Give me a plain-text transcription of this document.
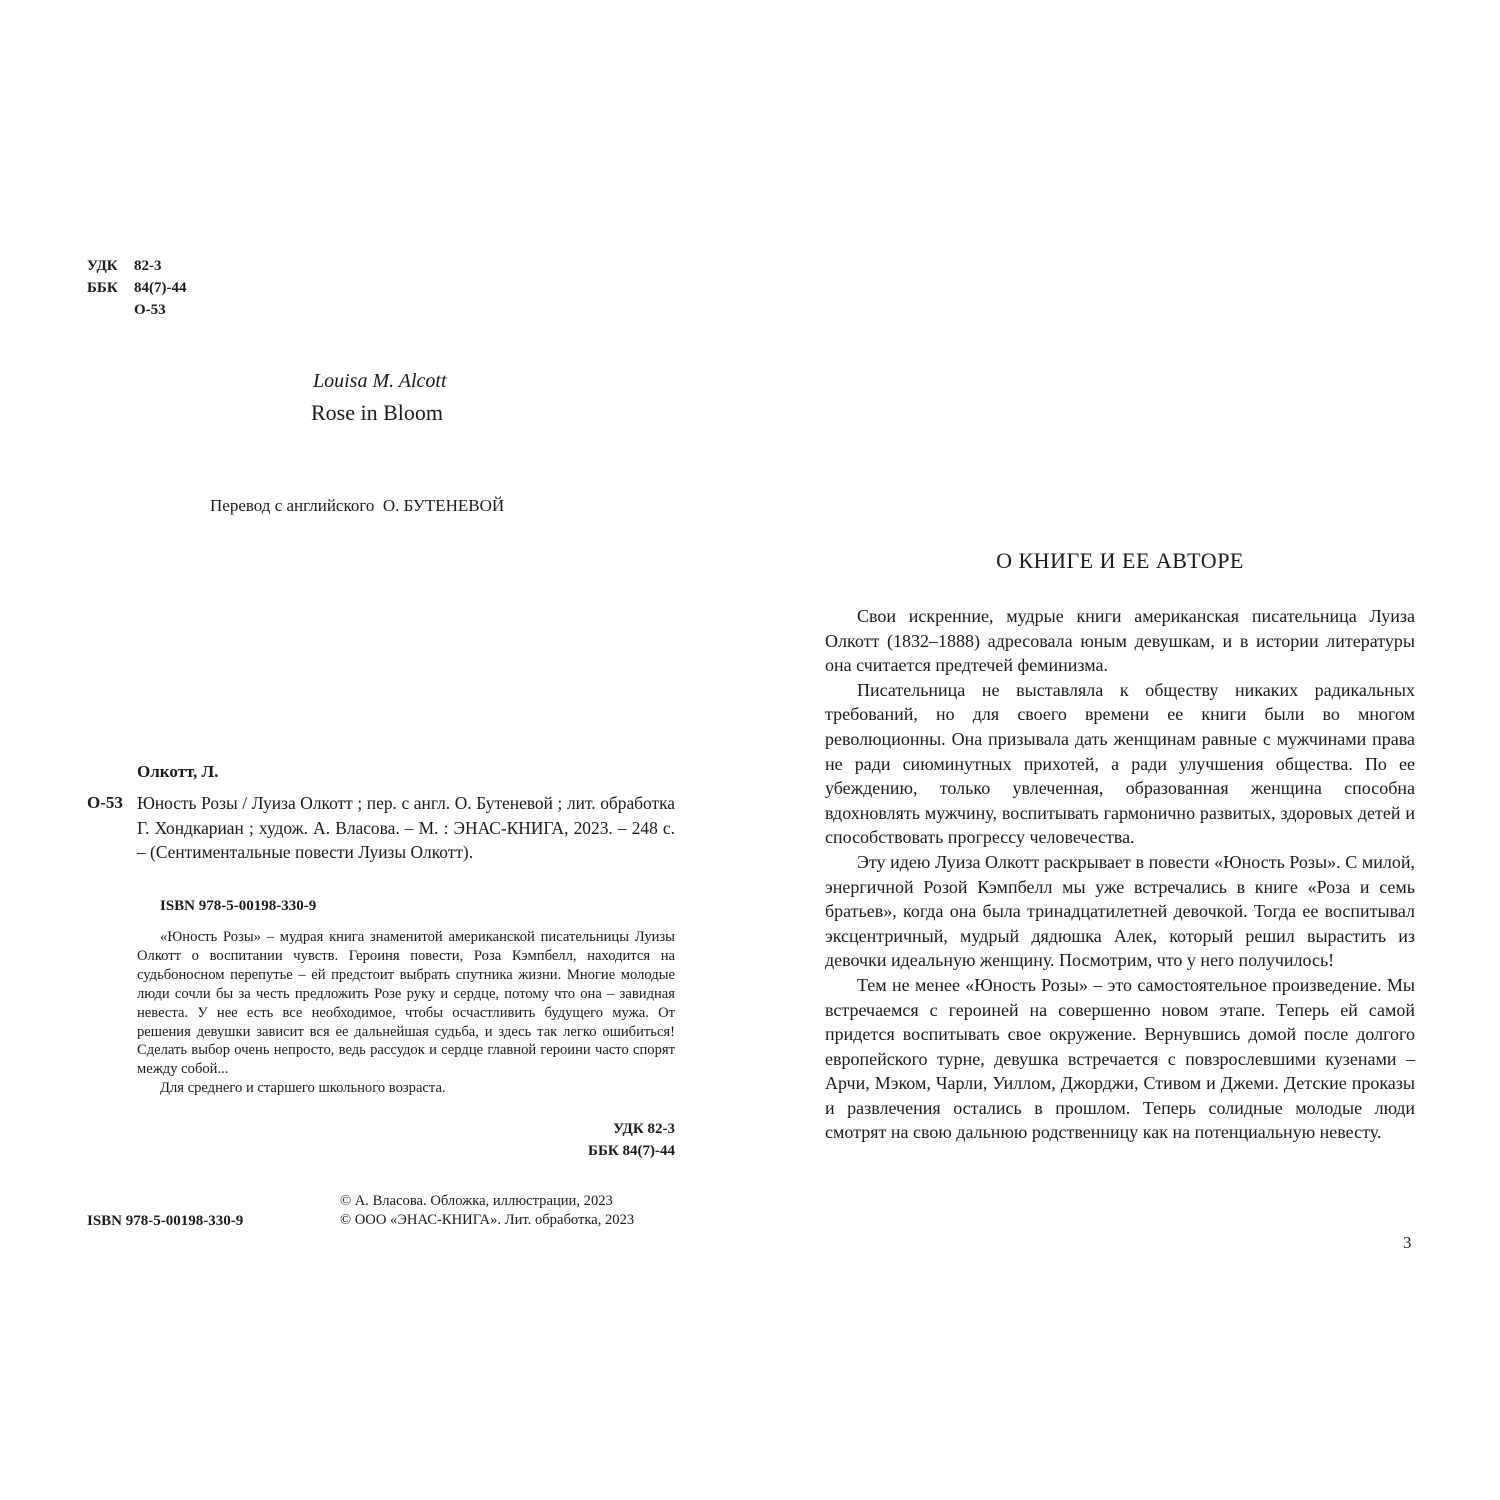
УДК	82-3
ББК	84(7)-44
О-53
Louisa M. Alcott
Rose in Bloom
Перевод с английского  О. БУТЕНЕВОЙ
Олкотт, Л.
О-53 Юность Розы / Луиза Олкотт ; пер. с англ. О. Бутеневой ; лит. обработка Г. Хондкариан ; худож. А. Власова. – М. : ЭНАС-КНИГА, 2023. – 248 с. – (Сентиментальные повести Луизы Олкотт).
ISBN 978-5-00198-330-9

«Юность Розы» – мудрая книга знаменитой американской писательницы Луизы Олкотт о воспитании чувств. Героиня повести, Роза Кэмпбелл, находится на судьбоносном перепутье – ей предстоит выбрать спутника жизни. Многие молодые люди сочли бы за честь предложить Розе руку и сердце, потому что она – завидная невеста. У нее есть все необходимое, чтобы осчастливить будущего мужа. От решения девушки зависит вся ее дальнейшая судьба, и здесь так легко ошибиться! Сделать выбор очень непросто, ведь рассудок и сердце главной героини часто спорят между собой...

Для среднего и старшего школьного возраста.

УДК 82-3
ББК 84(7)-44
ISBN 978-5-00198-330-9
© А. Власова. Обложка, иллюстрации, 2023
© ООО «ЭНАС-КНИГА». Лит. обработка, 2023
О КНИГЕ И ЕЕ АВТОРЕ

Свои искренние, мудрые книги американская писательница Луиза Олкотт (1832–1888) адресовала юным девушкам, и в истории литературы она считается предтечей феминизма.

Писательница не выставляла к обществу никаких радикальных требований, но для своего времени ее книги были во многом революционны. Она призывала дать женщинам равные с мужчинами права не ради сиюминутных прихотей, а ради улучшения общества. По ее убеждению, только увлеченная, образованная женщина способна вдохновлять мужчину, воспитывать гармонично развитых, здоровых детей и способствовать прогрессу человечества.

Эту идею Луиза Олкотт раскрывает в повести «Юность Розы». С милой, энергичной Розой Кэмпбелл мы уже встречались в книге «Роза и семь братьев», когда она была тринадцатилетней девочкой. Тогда ее воспитывал эксцентричный, мудрый дядюшка Алек, который решил вырастить из девочки идеальную женщину. Посмотрим, что у него получилось!

Тем не менее «Юность Розы» – это самостоятельное произведение. Мы встречаемся с героиней на совершенно новом этапе. Теперь ей самой придется воспитывать свое окружение. Вернувшись домой после долгого европейского турне, девушка встречается с повзрослевшими кузенами – Арчи, Мэком, Чарли, Уиллом, Джорджи, Стивом и Джеми. Детские проказы и развлечения остались в прошлом. Теперь солидные молодые люди смотрят на свою дальнюю родственницу как на потенциальную невесту.

3
